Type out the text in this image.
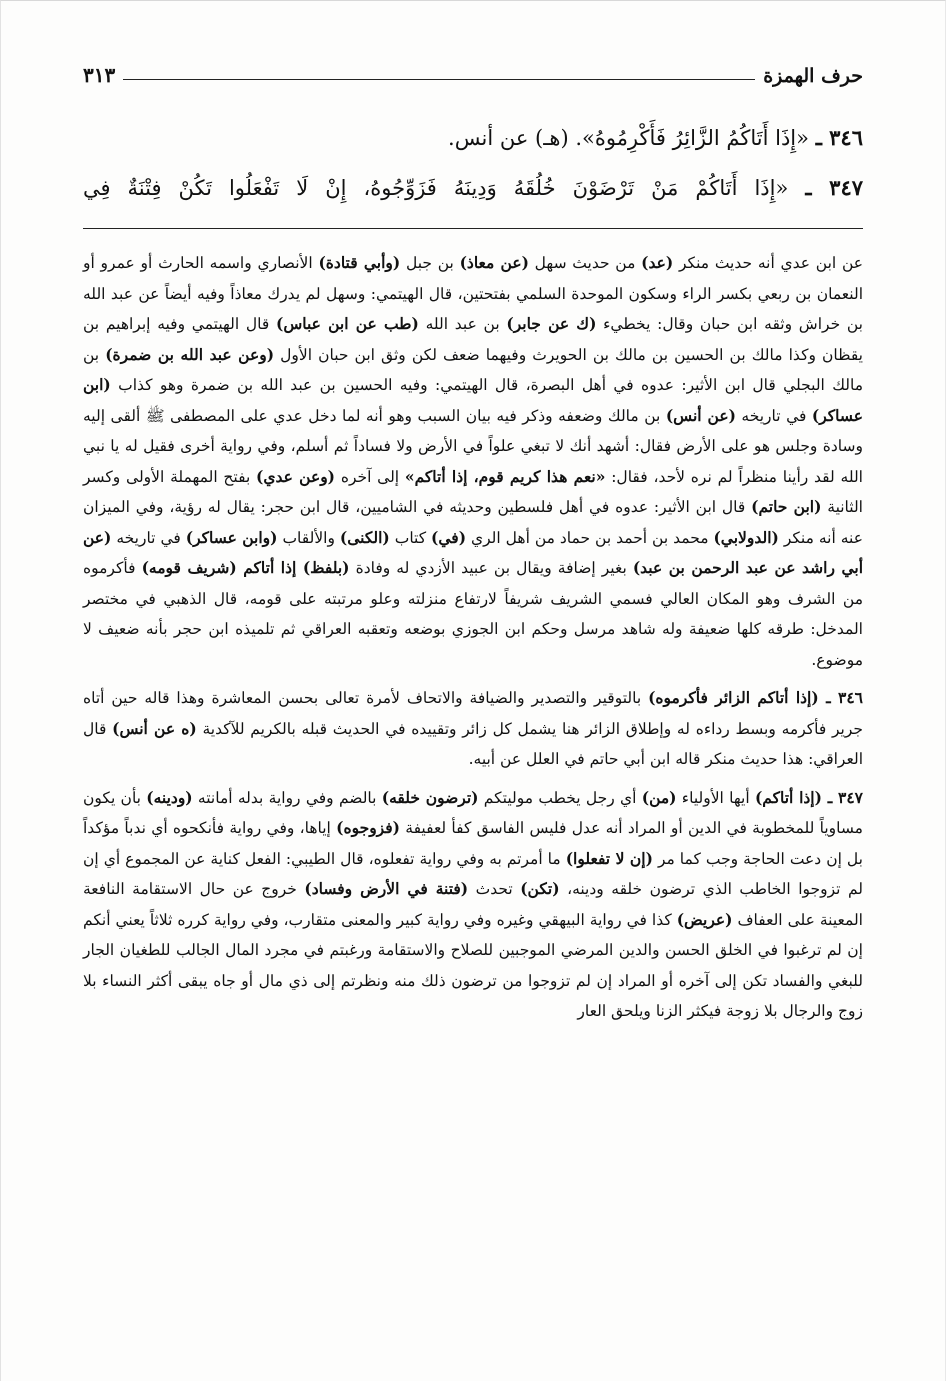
حرف الهمزة
٣١٣
٣٤٦ ـ «إِذَا أَتَاكُمُ الزَّائِرُ فَأَكْرِمُوهُ». (هـ) عن أنس.
٣٤٧ ـ «إِذَا أَتَاكُمْ مَنْ تَرْضَوْنَ خُلُقَهُ وَدِينَهُ فَزَوِّجُوهُ، إِنْ لَا تَفْعَلُوا تَكُنْ فِتْنَةٌ فِي

عن ابن عدي أنه حديث منكر (عد) من حديث سهل (عن معاذ) بن جبل (وأبي قتادة) الأنصاري واسمه الحارث أو عمرو أو النعمان بن ربعي بكسر الراء وسكون الموحدة السلمي بفتحتين، قال الهيتمي: وسهل لم يدرك معاذاً وفيه أيضاً عن عبد الله بن خراش وثقه ابن حبان وقال: يخطيء (ك عن جابر) بن عبد الله (طب عن ابن عباس) قال الهيتمي وفيه إبراهيم بن يقظان وكذا مالك بن الحسين بن مالك بن الحويرث وفيهما ضعف لكن وثق ابن حبان الأول (وعن عبد الله بن ضمرة) بن مالك البجلي قال ابن الأثير: عدوه في أهل البصرة، قال الهيتمي: وفيه الحسين بن عبد الله بن ضمرة وهو كذاب (ابن عساكر) في تاريخه (عن أنس) بن مالك وضعفه وذكر فيه بيان السبب وهو أنه لما دخل عدي على المصطفى ﷺ ألقى إليه وسادة وجلس هو على الأرض فقال: أشهد أنك لا تبغي علواً في الأرض ولا فساداً ثم أسلم، وفي رواية أخرى فقيل له يا نبي الله لقد رأينا منظراً لم نره لأحد، فقال: «نعم هذا كريم قوم، إذا أتاكم» إلى آخره (وعن عدي) بفتح المهملة الأولى وكسر الثانية (ابن حاتم) قال ابن الأثير: عدوه في أهل فلسطين وحديثه في الشاميين، قال ابن حجر: يقال له رؤية، وفي الميزان عنه أنه منكر (الدولابي) محمد بن أحمد بن حماد من أهل الري (في) كتاب (الكنى) والألقاب (وابن عساكر) في تاريخه (عن أبي راشد عن عبد الرحمن بن عبد) بغير إضافة ويقال بن عبيد الأزدي له وفادة (بلفظ) إذا أتاكم (شريف قومه) فأكرموه من الشرف وهو المكان العالي فسمي الشريف شريفاً لارتفاع منزلته وعلو مرتبته على قومه، قال الذهبي في مختصر المدخل: طرقه كلها ضعيفة وله شاهد مرسل وحكم ابن الجوزي بوضعه وتعقبه العراقي ثم تلميذه ابن حجر بأنه ضعيف لا موضوع.

٣٤٦ ـ (إذا أتاكم الزائر فأكرموه) بالتوقير والتصدير والضيافة والاتحاف لأمرة تعالى بحسن المعاشرة وهذا قاله حين أتاه جرير فأكرمه وبسط رداءه له وإطلاق الزائر هنا يشمل كل زائر وتقييده في الحديث قبله بالكريم للآكدية (ه عن أنس) قال العراقي: هذا حديث منكر قاله ابن أبي حاتم في العلل عن أبيه.

٣٤٧ ـ (إذا أتاكم) أيها الأولياء (من) أي رجل يخطب موليتكم (ترضون خلقه) بالضم وفي رواية بدله أمانته (ودينه) بأن يكون مساوياً للمخطوبة في الدين أو المراد أنه عدل فليس الفاسق كفأ لعفيفة (فزوجوه) إياها، وفي رواية فأنكحوه أي ندباً مؤكداً بل إن دعت الحاجة وجب كما مر (إن لا تفعلوا) ما أمرتم به وفي رواية تفعلوه، قال الطيبي: الفعل كناية عن المجموع أي إن لم تزوجوا الخاطب الذي ترضون خلقه ودينه، (تكن) تحدث (فتنة في الأرض وفساد) خروج عن حال الاستقامة النافعة المعينة على العفاف (عريض) كذا في رواية البيهقي وغيره وفي رواية كبير والمعنى متقارب، وفي رواية كرره ثلاثاً يعني أنكم إن لم ترغبوا في الخلق الحسن والدين المرضي الموجبين للصلاح والاستقامة ورغبتم في مجرد المال الجالب للطغيان الجار للبغي والفساد تكن إلى آخره أو المراد إن لم تزوجوا من ترضون ذلك منه ونظرتم إلى ذي مال أو جاه يبقى أكثر النساء بلا زوج والرجال بلا زوجة فيكثر الزنا ويلحق العار
